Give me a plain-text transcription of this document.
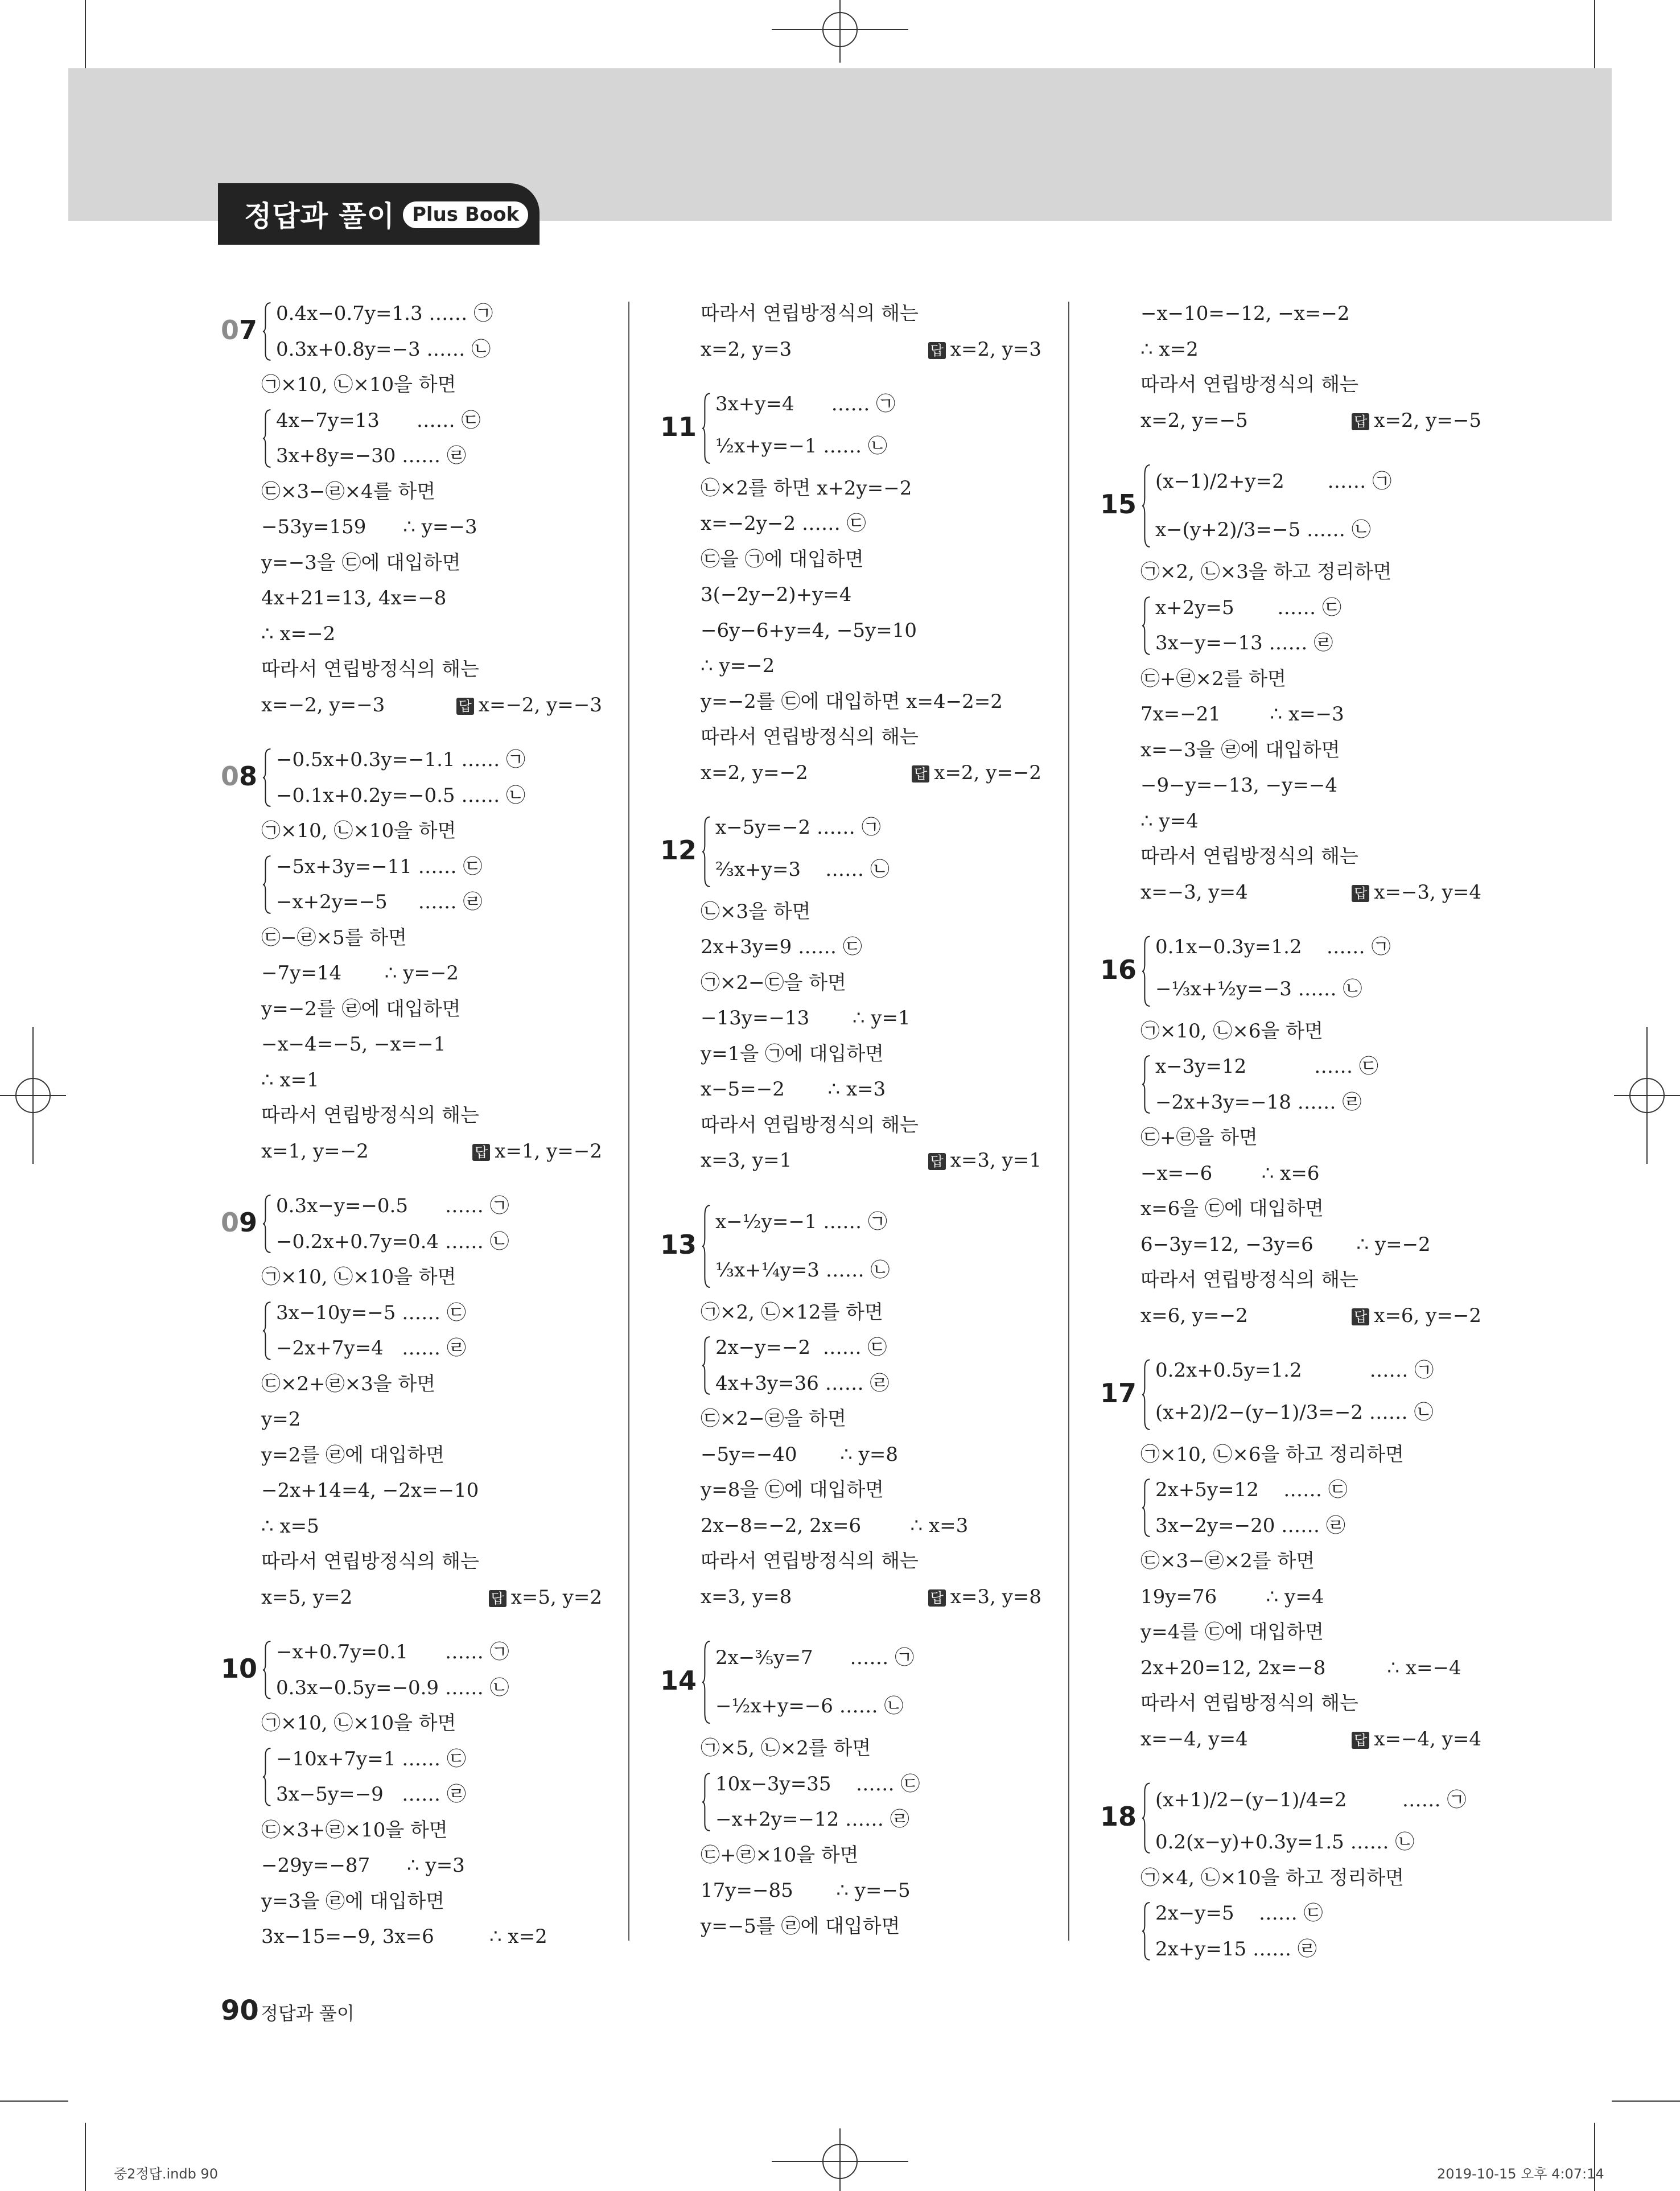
정답과 풀이 Plus Book
07
0.4x−0.7y=1.3 …… ㉠
0.3x+0.8y=−3 …… ㉡
㉠×10, ㉡×10을 하면
4x−7y=13      …… ㉢
3x+8y=−30 …… ㉣
㉢×3−㉣×4를 하면
−53y=159      ∴ y=−3
y=−3을 ㉢에 대입하면
4x+21=13, 4x=−8
∴ x=−2
따라서 연립방정식의 해는
x=−2, y=−3	답 x=−2, y=−3
08
−0.5x+0.3y=−1.1 …… ㉠
−0.1x+0.2y=−0.5 …… ㉡
㉠×10, ㉡×10을 하면
−5x+3y=−11 …… ㉢
−x+2y=−5     …… ㉣
㉢−㉣×5를 하면
−7y=14       ∴ y=−2
y=−2를 ㉣에 대입하면
−x−4=−5, −x=−1
∴ x=1
따라서 연립방정식의 해는
x=1, y=−2	답 x=1, y=−2
09
0.3x−y=−0.5      …… ㉠
−0.2x+0.7y=0.4 …… ㉡
㉠×10, ㉡×10을 하면
3x−10y=−5 …… ㉢
−2x+7y=4   …… ㉣
㉢×2+㉣×3을 하면
y=2
y=2를 ㉣에 대입하면
−2x+14=4, −2x=−10
∴ x=5
따라서 연립방정식의 해는
x=5, y=2	답 x=5, y=2
10
−x+0.7y=0.1      …… ㉠
0.3x−0.5y=−0.9 …… ㉡
㉠×10, ㉡×10을 하면
−10x+7y=1 …… ㉢
3x−5y=−9   …… ㉣
㉢×3+㉣×10을 하면
−29y=−87      ∴ y=3
y=3을 ㉣에 대입하면
3x−15=−9, 3x=6         ∴ x=2
따라서 연립방정식의 해는
x=2, y=3	답 x=2, y=3
11
3x+y=4      …… ㉠
½x+y=−1 …… ㉡
㉡×2를 하면 x+2y=−2
x=−2y−2 …… ㉢
㉢을 ㉠에 대입하면
3(−2y−2)+y=4
−6y−6+y=4, −5y=10
∴ y=−2
y=−2를 ㉢에 대입하면 x=4−2=2
따라서 연립방정식의 해는
x=2, y=−2	답 x=2, y=−2
12
x−5y=−2 …… ㉠
⅔x+y=3    …… ㉡
㉡×3을 하면
2x+3y=9 …… ㉢
㉠×2−㉢을 하면
−13y=−13       ∴ y=1
y=1을 ㉠에 대입하면
x−5=−2       ∴ x=3
따라서 연립방정식의 해는
x=3, y=1	답 x=3, y=1
13
x−½y=−1 …… ㉠
⅓x+¼y=3 …… ㉡
㉠×2, ㉡×12를 하면
2x−y=−2  …… ㉢
4x+3y=36 …… ㉣
㉢×2−㉣을 하면
−5y=−40       ∴ y=8
y=8을 ㉢에 대입하면
2x−8=−2, 2x=6        ∴ x=3
따라서 연립방정식의 해는
x=3, y=8	답 x=3, y=8
14
2x−⅗y=7      …… ㉠
−½x+y=−6 …… ㉡
㉠×5, ㉡×2를 하면
10x−3y=35    …… ㉢
−x+2y=−12 …… ㉣
㉢+㉣×10을 하면
17y=−85       ∴ y=−5
y=−5를 ㉣에 대입하면
−x−10=−12, −x=−2
∴ x=2
따라서 연립방정식의 해는
x=2, y=−5	답 x=2, y=−5
15
(x−1)/2+y=2       …… ㉠
x−(y+2)/3=−5 …… ㉡
㉠×2, ㉡×3을 하고 정리하면
x+2y=5       …… ㉢
3x−y=−13 …… ㉣
㉢+㉣×2를 하면
7x=−21        ∴ x=−3
x=−3을 ㉣에 대입하면
−9−y=−13, −y=−4
∴ y=4
따라서 연립방정식의 해는
x=−3, y=4	답 x=−3, y=4
16
0.1x−0.3y=1.2    …… ㉠
−⅓x+½y=−3 …… ㉡
㉠×10, ㉡×6을 하면
x−3y=12           …… ㉢
−2x+3y=−18 …… ㉣
㉢+㉣을 하면
−x=−6        ∴ x=6
x=6을 ㉢에 대입하면
6−3y=12, −3y=6       ∴ y=−2
따라서 연립방정식의 해는
x=6, y=−2	답 x=6, y=−2
17
0.2x+0.5y=1.2           …… ㉠
(x+2)/2−(y−1)/3=−2 …… ㉡
㉠×10, ㉡×6을 하고 정리하면
2x+5y=12    …… ㉢
3x−2y=−20 …… ㉣
㉢×3−㉣×2를 하면
19y=76        ∴ y=4
y=4를 ㉢에 대입하면
2x+20=12, 2x=−8          ∴ x=−4
따라서 연립방정식의 해는
x=−4, y=4	답 x=−4, y=4
18
(x+1)/2−(y−1)/4=2         …… ㉠
0.2(x−y)+0.3y=1.5 …… ㉡
㉠×4, ㉡×10을 하고 정리하면
2x−y=5    …… ㉢
2x+y=15 …… ㉣
90 정답과 풀이
중2정답.indb 90	2019-10-15 오후 4:07:14
